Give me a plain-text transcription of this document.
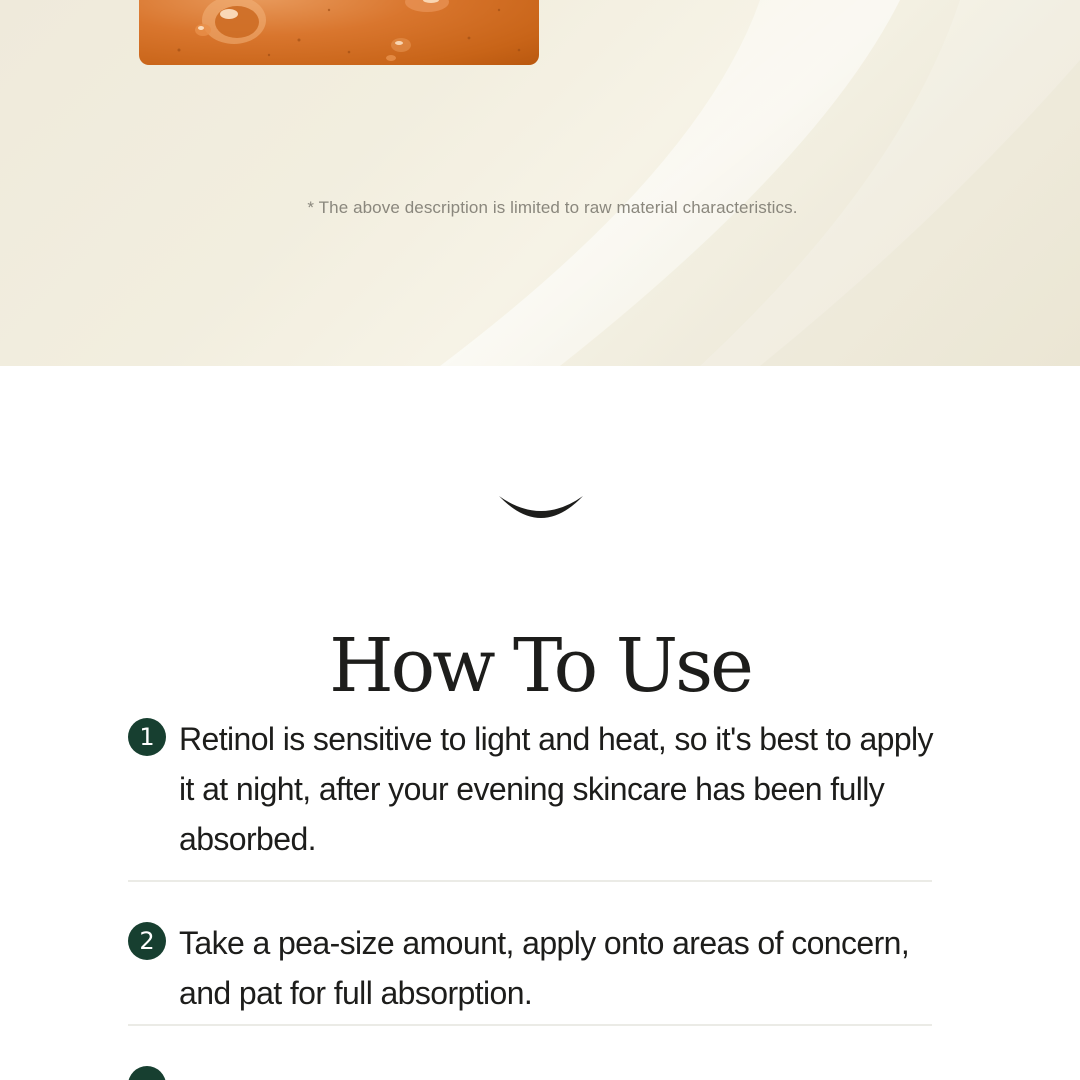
* The above description is limited to raw material characteristics.
How To Use
1 Retinol is sensitive to light and heat, so it's best to apply it at night, after your evening skincare has been fully absorbed.
2 Take a pea-size amount, apply onto areas of concern, and pat for full absorption.
